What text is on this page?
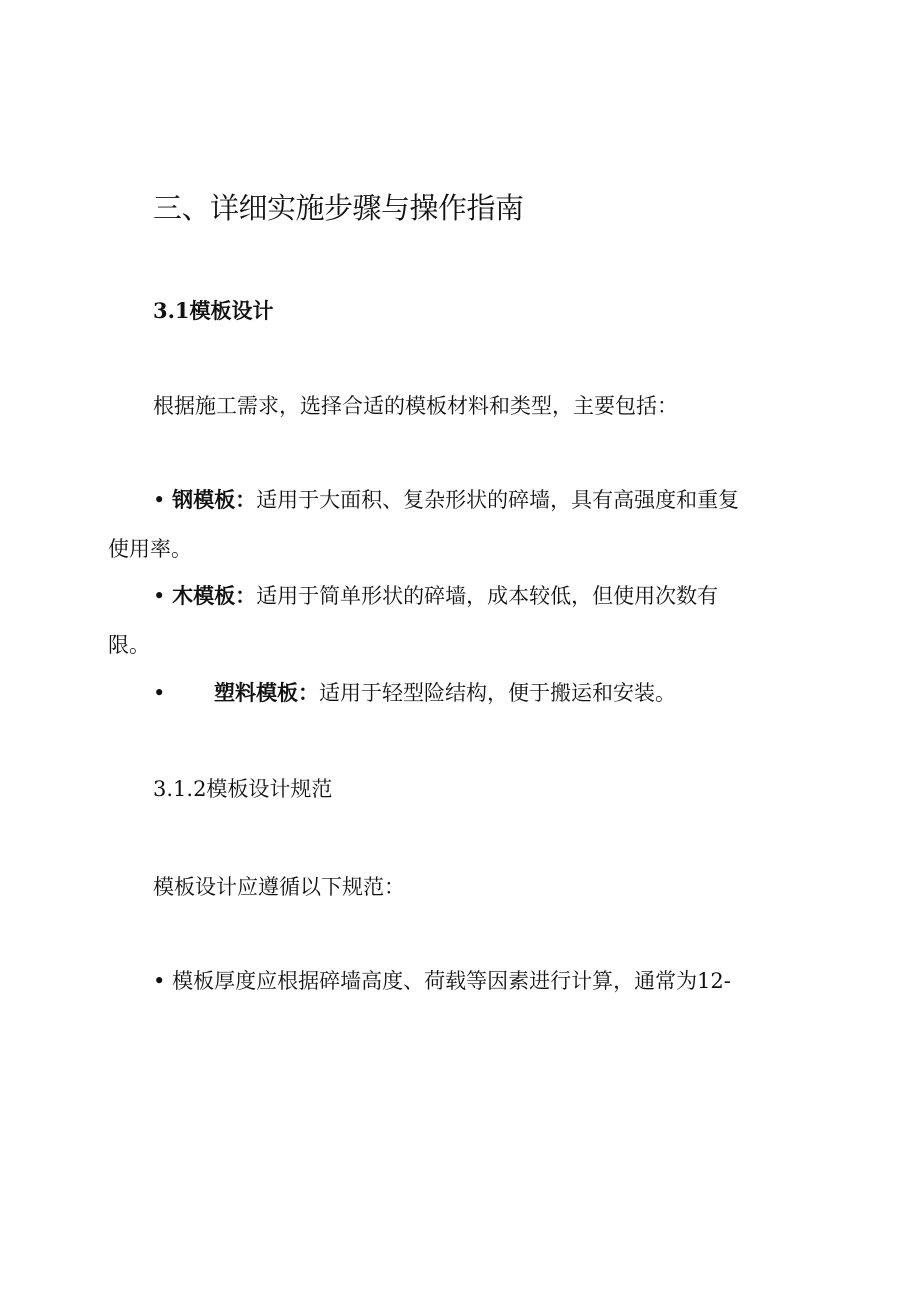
三、详细实施步骤与操作指南
3.1模板设计

根据施工需求，选择合适的模板材料和类型，主要包括：

• 钢模板：适用于大面积、复杂形状的碎墙，具有高强度和重复

使用率。

• 木模板：适用于简单形状的碎墙，成本较低，但使用次数有

限。

• 塑料模板：适用于轻型险结构，便于搬运和安装。

3.1.2模板设计规范

模板设计应遵循以下规范：

• 模板厚度应根据碎墙高度、荷载等因素进行计算，通常为12-
